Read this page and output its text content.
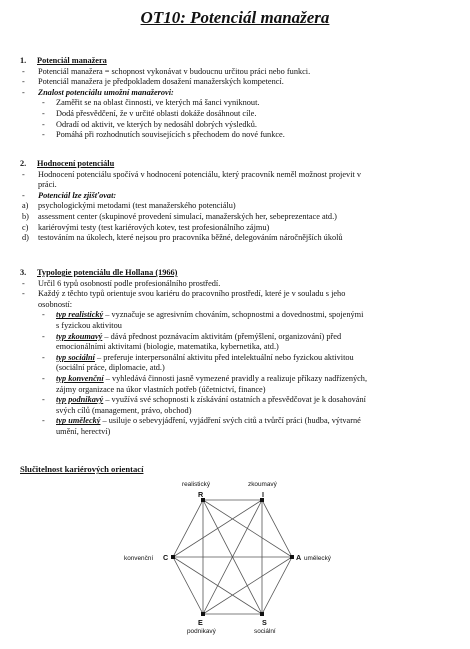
OT10: Potenciál manažera
1. Potenciál manažera
- Potenciál manažera = schopnost vykonávat v budoucnu určitou práci nebo funkci.
- Potenciál manažera je předpokladem dosažení manažerských kompetencí.
- Znalost potenciálu umožní manažerovi:
- Zaměřit se na oblast činnosti, ve kterých má šanci vyniknout.
- Dodá přesvědčení, že v určité oblasti dokáže dosáhnout cíle.
- Odradí od aktivit, ve kterých by nedosáhl dobrých výsledků.
- Pomáhá při rozhodnutích souvisejících s přechodem do nové funkce.
2. Hodnocení potenciálu
- Hodnocení potenciálu spočívá v hodnocení potenciálu, který pracovník neměl možnost projevit v
práci.
- Potenciál lze zjišťovat:
a) psychologickými metodami (test manažerského potenciálu)
b) assessment center (skupinové provedení simulací, manažerských her, sebeprezentace atd.)
c) kariérovými testy (test kariérových kotev, test profesionálního zájmu)
d) testováním na úkolech, které nejsou pro pracovníka běžné, delegováním náročnějších úkolů
3. Typologie potenciálu dle Hollana (1966)
- Určil 6 typů osobností podle profesionálního prostředí.
- Každý z těchto typů orientuje svou kariéru do pracovního prostředí, které je v souladu s jeho
osobností:
- typ realistický – vyznačuje se agresivním chováním, schopnostmi a dovednostmi, spojenými
s fyzickou aktivitou
- typ zkoumavý – dává přednost poznávacím aktivitám (přemýšlení, organizování) před
emocionálními aktivitami (biologie, matematika, kybernetika, atd.)
- typ sociální – preferuje interpersonální aktivitu před intelektuální nebo fyzickou aktivitou
(sociální práce, diplomacie, atd.)
- typ konvenční – vyhledává činnosti jasně vymezené pravidly a realizuje příkazy nadřízených,
zájmy organizace na úkor vlastních potřeb (účetnictví, finance)
- typ podnikavý – využívá své schopnosti k získávání ostatních a přesvědčovat je k dosahování
svých cílů (management, právo, obchod)
- typ umělecký – usiluje o sebevyjádření, vyjádření svých citů a tvůrčí práci (hudba, výtvarné
umění, herectví)
Slučitelnost kariérových orientací
R	I
A
S
E
C
realistický	zkoumavý
umělecký
sociální
podnikavý
konvenční
